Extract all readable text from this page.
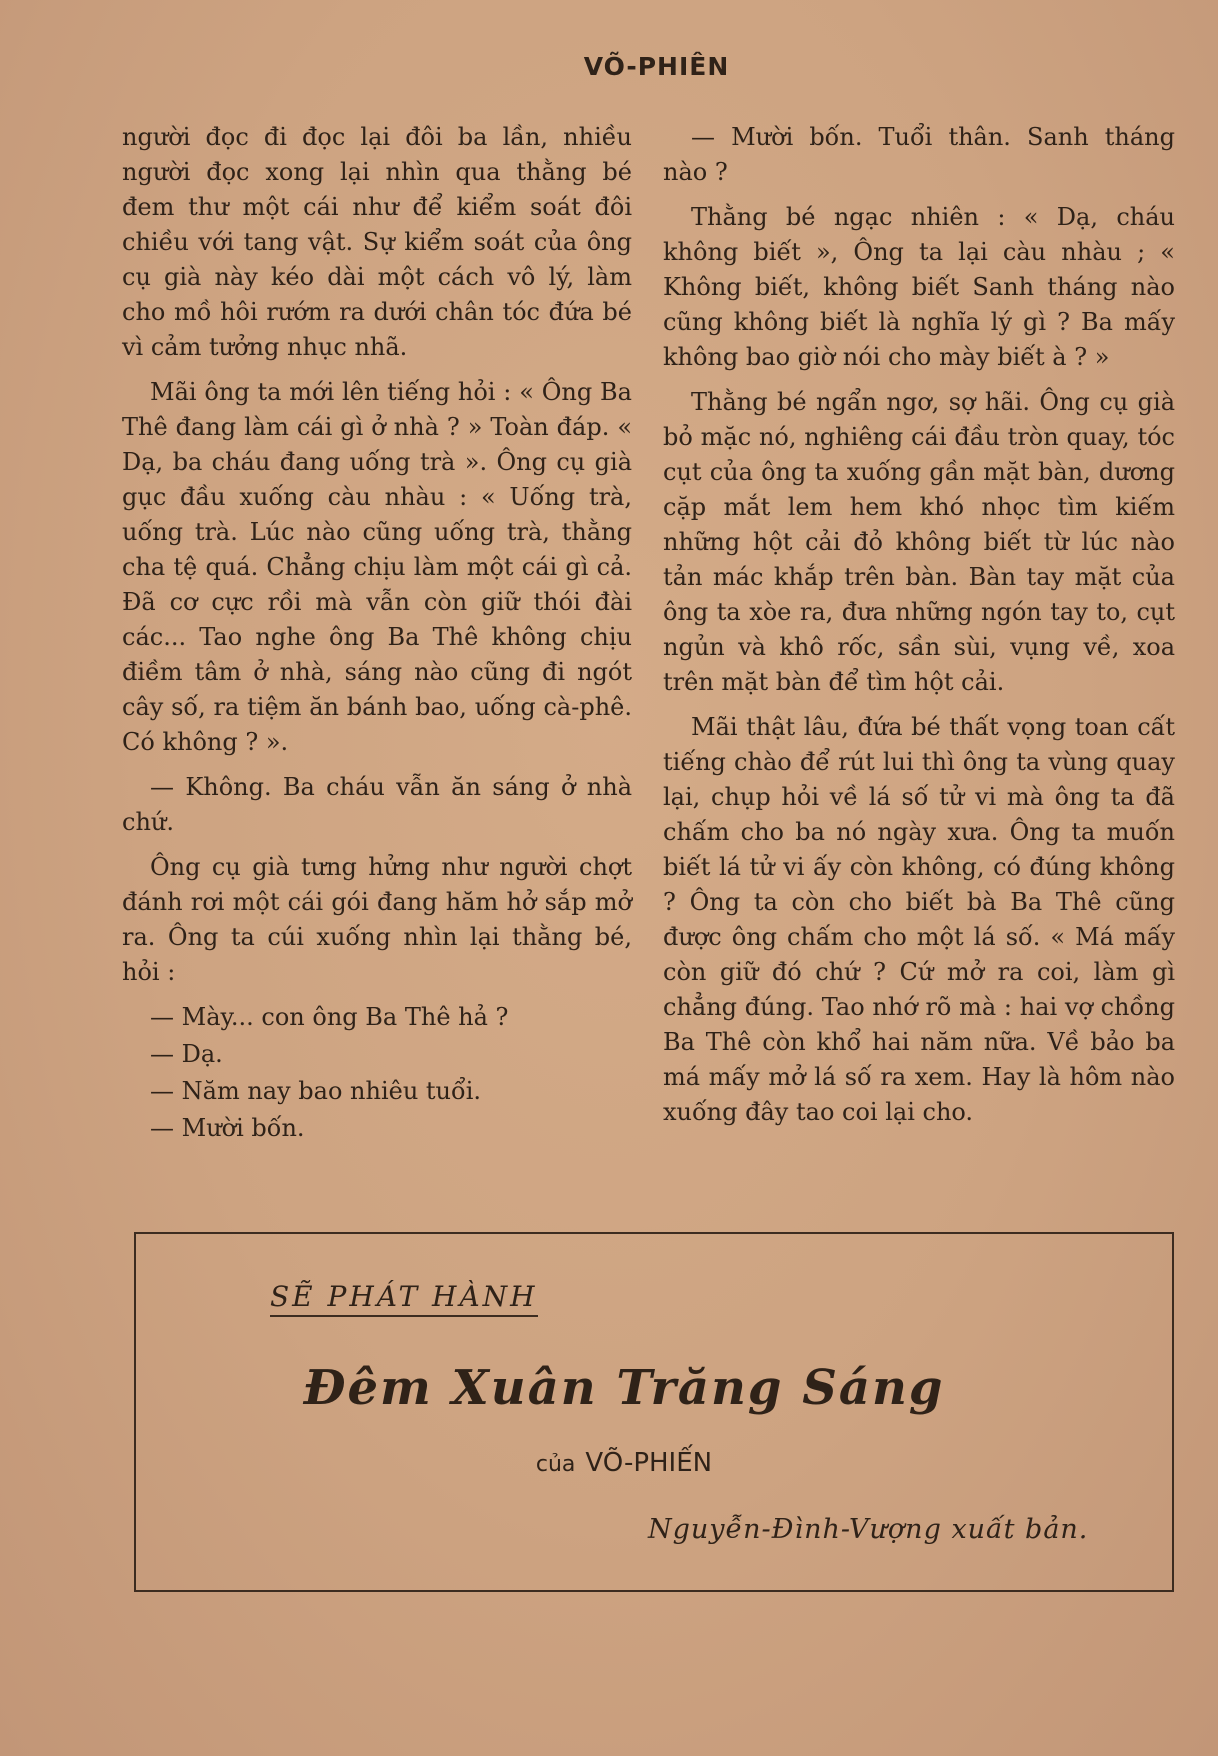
VÕ-PHIÊN

người đọc đi đọc lại đôi ba lần, nhiều người đọc xong lại nhìn qua thằng bé đem thư một cái như để kiểm soát đôi chiều với tang vật. Sự kiểm soát của ông cụ già này kéo dài một cách vô lý, làm cho mồ hôi rướm ra dưới chân tóc đứa bé vì cảm tưởng nhục nhã.

Mãi ông ta mới lên tiếng hỏi : « Ông Ba Thê đang làm cái gì ở nhà ? » Toàn đáp. « Dạ, ba cháu đang uống trà ». Ông cụ già gục đầu xuống càu nhàu : « Uống trà, uống trà. Lúc nào cũng uống trà, thằng cha tệ quá. Chẳng chịu làm một cái gì cả. Đã cơ cực rồi mà vẫn còn giữ thói đài các... Tao nghe ông Ba Thê không chịu điềm tâm ở nhà, sáng nào cũng đi ngót cây số, ra tiệm ăn bánh bao, uống cà-phê. Có không ? ».

— Không. Ba cháu vẫn ăn sáng ở nhà chứ.

Ông cụ già tưng hửng như người chợt đánh rơi một cái gói đang hăm hở sắp mở ra. Ông ta cúi xuống nhìn lại thằng bé, hỏi :

— Mày... con ông Ba Thê hả ?

— Dạ.

— Năm nay bao nhiêu tuổi.

— Mười bốn.

— Mười bốn. Tuổi thân. Sanh tháng nào ?

Thằng bé ngạc nhiên : « Dạ, cháu không biết », Ông ta lại càu nhàu ; « Không biết, không biết Sanh tháng nào cũng không biết là nghĩa lý gì ? Ba mấy không bao giờ nói cho mày biết à ? »

Thằng bé ngẩn ngơ, sợ hãi. Ông cụ già bỏ mặc nó, nghiêng cái đầu tròn quay, tóc cụt của ông ta xuống gần mặt bàn, dương cặp mắt lem hem khó nhọc tìm kiếm những hột cải đỏ không biết từ lúc nào tản mác khắp trên bàn. Bàn tay mặt của ông ta xòe ra, đưa những ngón tay to, cụt ngủn và khô rốc, sần sùi, vụng về, xoa trên mặt bàn để tìm hột cải.

Mãi thật lâu, đứa bé thất vọng toan cất tiếng chào để rút lui thì ông ta vùng quay lại, chụp hỏi về lá số tử vi mà ông ta đã chấm cho ba nó ngày xưa. Ông ta muốn biết lá tử vi ấy còn không, có đúng không ? Ông ta còn cho biết bà Ba Thê cũng được ông chấm cho một lá số. « Má mấy còn giữ đó chứ ? Cứ mở ra coi, làm gì chẳng đúng. Tao nhớ rõ mà : hai vợ chồng Ba Thê còn khổ hai năm nữa. Về bảo ba má mấy mở lá số ra xem. Hay là hôm nào xuống đây tao coi lại cho.

SẼ PHÁT HÀNH
Đêm Xuân Trăng Sáng
của VÕ-PHIẾN
Nguyễn-Đình-Vượng xuất bản.
